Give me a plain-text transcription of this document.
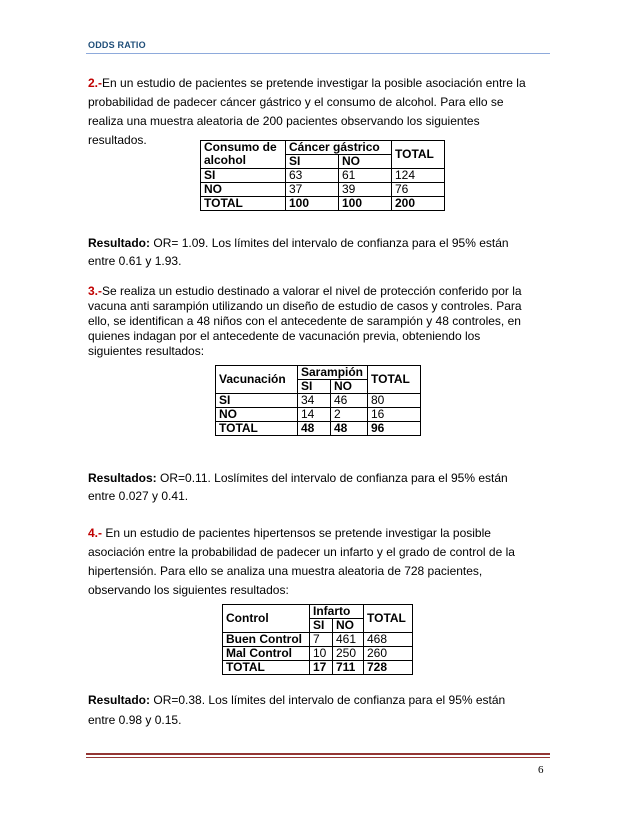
ODDS RATIO
2.-En un estudio de pacientes se pretende investigar la posible asociación entre la
probabilidad de padecer cáncer gástrico y el consumo de alcohol. Para ello se
realiza una muestra aleatoria de 200 pacientes observando los siguientes
resultados.	Consumo de
alcohol	Cáncer gástrico		TOTAL
	SI	NO	
SI	63	61	124
NO	37	39	76
TOTAL	100	100	200
Resultado: OR= 1.09. Los límites del intervalo de confianza para el 95% están
entre 0.61 y 1.93.
3.-Se realiza un estudio destinado a valorar el nivel de protección conferido por la
vacuna anti sarampión utilizando un diseño de estudio de casos y controles. Para
ello, se identifican a 48 niños con el antecedente de sarampión y 48 controles, en
quienes indagan por el antecedente de vacunación previa, obteniendo los
siguientes resultados:
Vacunación	Sarampión		TOTAL
	SI	NO	
SI	34	46	80
NO	14	2	16
TOTAL	48	48	96
Resultados: OR=0.11. Loslímites del intervalo de confianza para el 95% están
entre 0.027 y 0.41.
4.- En un estudio de pacientes hipertensos se pretende investigar la posible
asociación entre la probabilidad de padecer un infarto y el grado de control de la
hipertensión. Para ello se analiza una muestra aleatoria de 728 pacientes,
observando los siguientes resultados:
Control	Infarto		TOTAL
	SI	NO	
Buen Control	7	461	468
Mal Control	10	250	260
TOTAL	17	711	728
Resultado: OR=0.38. Los límites del intervalo de confianza para el 95% están
entre 0.98 y 0.15.
6
